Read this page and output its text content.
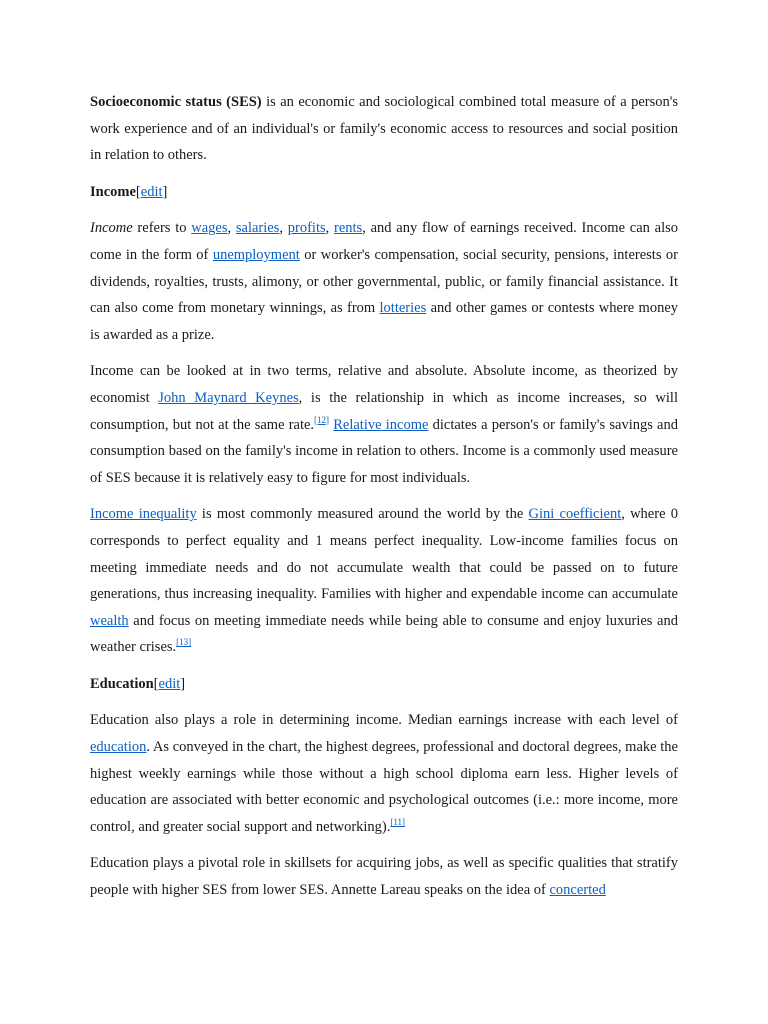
Socioeconomic status (SES) is an economic and sociological combined total measure of a person's work experience and of an individual's or family's economic access to resources and social position in relation to others.

Income[edit]

Income refers to wages, salaries, profits, rents, and any flow of earnings received. Income can also come in the form of unemployment or worker's compensation, social security, pensions, interests or dividends, royalties, trusts, alimony, or other governmental, public, or family financial assistance. It can also come from monetary winnings, as from lotteries and other games or contests where money is awarded as a prize.

Income can be looked at in two terms, relative and absolute. Absolute income, as theorized by economist John Maynard Keynes, is the relationship in which as income increases, so will consumption, but not at the same rate.[12] Relative income dictates a person's or family's savings and consumption based on the family's income in relation to others. Income is a commonly used measure of SES because it is relatively easy to figure for most individuals.

Income inequality is most commonly measured around the world by the Gini coefficient, where 0 corresponds to perfect equality and 1 means perfect inequality. Low-income families focus on meeting immediate needs and do not accumulate wealth that could be passed on to future generations, thus increasing inequality. Families with higher and expendable income can accumulate wealth and focus on meeting immediate needs while being able to consume and enjoy luxuries and weather crises.[13]

Education[edit]

Education also plays a role in determining income. Median earnings increase with each level of education. As conveyed in the chart, the highest degrees, professional and doctoral degrees, make the highest weekly earnings while those without a high school diploma earn less. Higher levels of education are associated with better economic and psychological outcomes (i.e.: more income, more control, and greater social support and networking).[11]

Education plays a pivotal role in skillsets for acquiring jobs, as well as specific qualities that stratify people with higher SES from lower SES. Annette Lareau speaks on the idea of concerted
